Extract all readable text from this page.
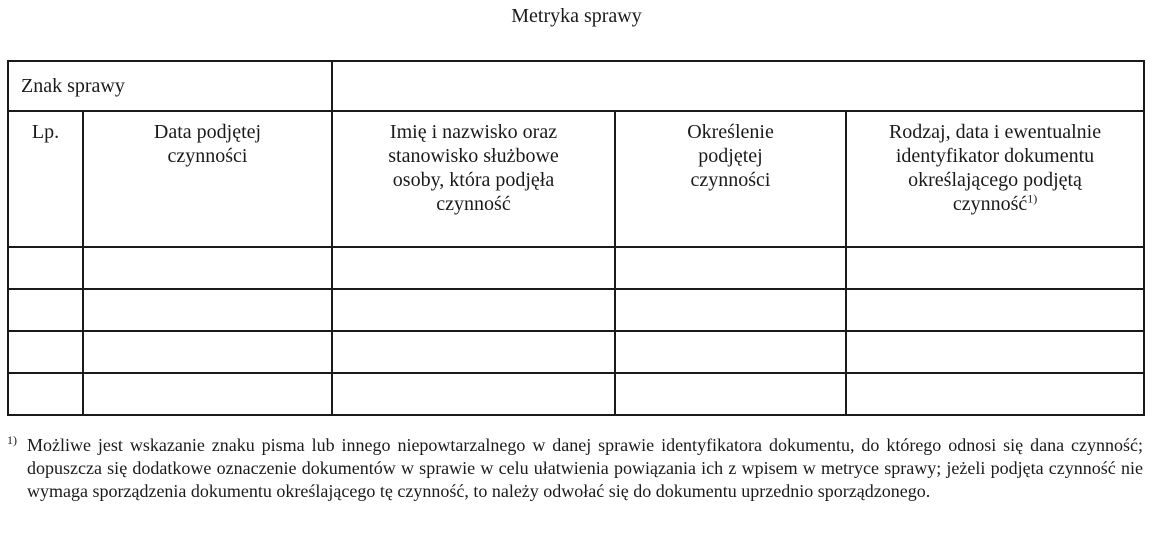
Metryka sprawy
Znak sprawy				
Lp.	Data podjętej czynności	Imię i nazwisko oraz stanowisko służbowe osoby, która podjęła czynność	Określenie podjętej czynności	Rodzaj, data i ewentualnie identyfikator dokumentu określającego podjętą czynność$^{1)}$

$^{1)}$ Możliwe jest wskazanie znaku pisma lub innego niepowtarzalnego w danej sprawie identyfikatora dokumentu, do którego odnosi się dana czynność; dopuszcza się dodatkowe oznaczenie dokumentów w sprawie w celu ułatwienia powiązania ich z wpisem w metryce sprawy; jeżeli podjęta czynność nie wymaga sporządzenia dokumentu określającego tę czynność, to należy odwołać się do dokumentu uprzednio sporządzonego.
